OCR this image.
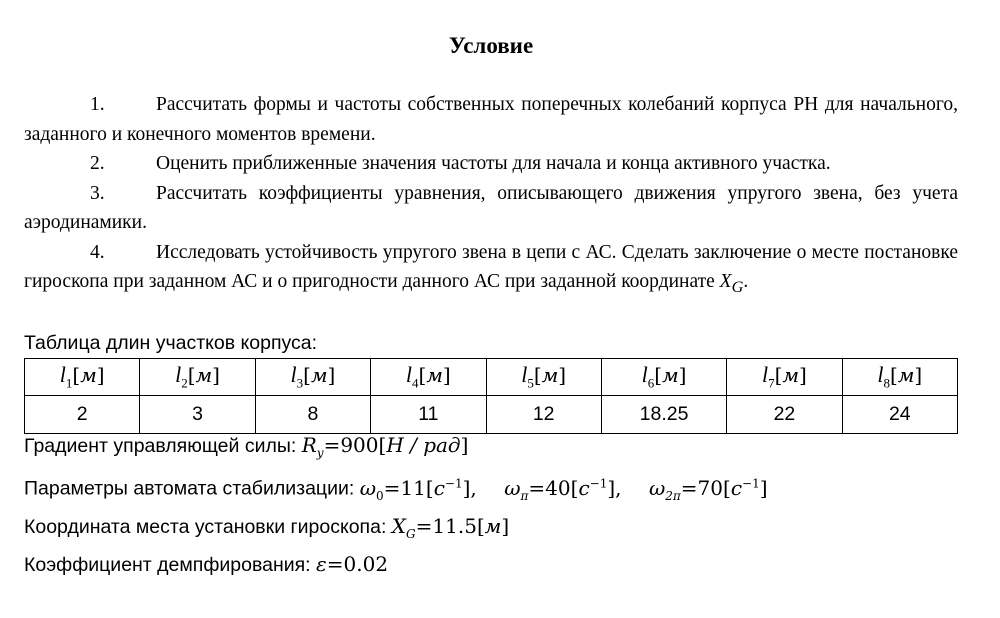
Условие

1.	Рассчитать формы и частоты собственных поперечных колебаний корпуса РН для начального, заданного и конечного моментов времени.

2.	Оценить приближенные значения частоты для начала и конца активного участка.

3.	Рассчитать коэффициенты уравнения, описывающего движения упругого звена, без учета аэродинамики.

4.	Исследовать устойчивость упругого звена в цепи с АС. Сделать заключение о месте постановке гироскопа при заданном АС и о пригодности данного АС при заданной координате $X_G$.

Таблица длин участков корпуса:
$l_1[м]$	$l_2[м]$	$l_3[м]$	$l_4[м]$	$l_5[м]$	$l_6[м]$	$l_7[м]$	$l_8[м]$
2	3	8	11	12	18.25	22	24
Градиент управляющей силы: $R_y=900[H / рад]$
Параметры автомата стабилизации: $\omega_0=11[c^{-1}]$, $\omega_\pi=40[c^{-1}]$, $\omega_{2\pi}=70[c^{-1}]$
Координата места установки гироскопа: $X_G=11.5[м]$
Коэффициент демпфирования: ε=0.02
